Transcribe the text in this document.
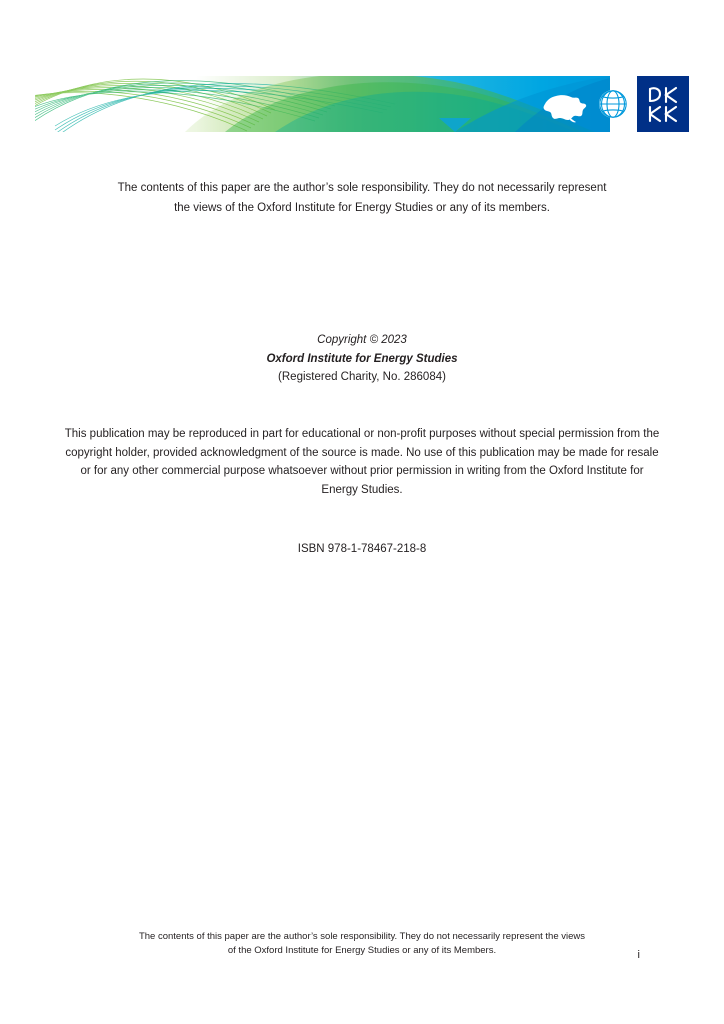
The contents of this paper are the author’s sole responsibility. They do not necessarily represent the views of the Oxford Institute for Energy Studies or any of its members.
Copyright © 2023
Oxford Institute for Energy Studies
(Registered Charity, No. 286084)
This publication may be reproduced in part for educational or non-profit purposes without special permission from the copyright holder, provided acknowledgment of the source is made. No use of this publication may be made for resale or for any other commercial purpose whatsoever without prior permission in writing from the Oxford Institute for Energy Studies.
ISBN 978-1-78467-218-8
The contents of this paper are the author’s sole responsibility. They do not necessarily represent the views
of the Oxford Institute for Energy Studies or any of its Members.	i
